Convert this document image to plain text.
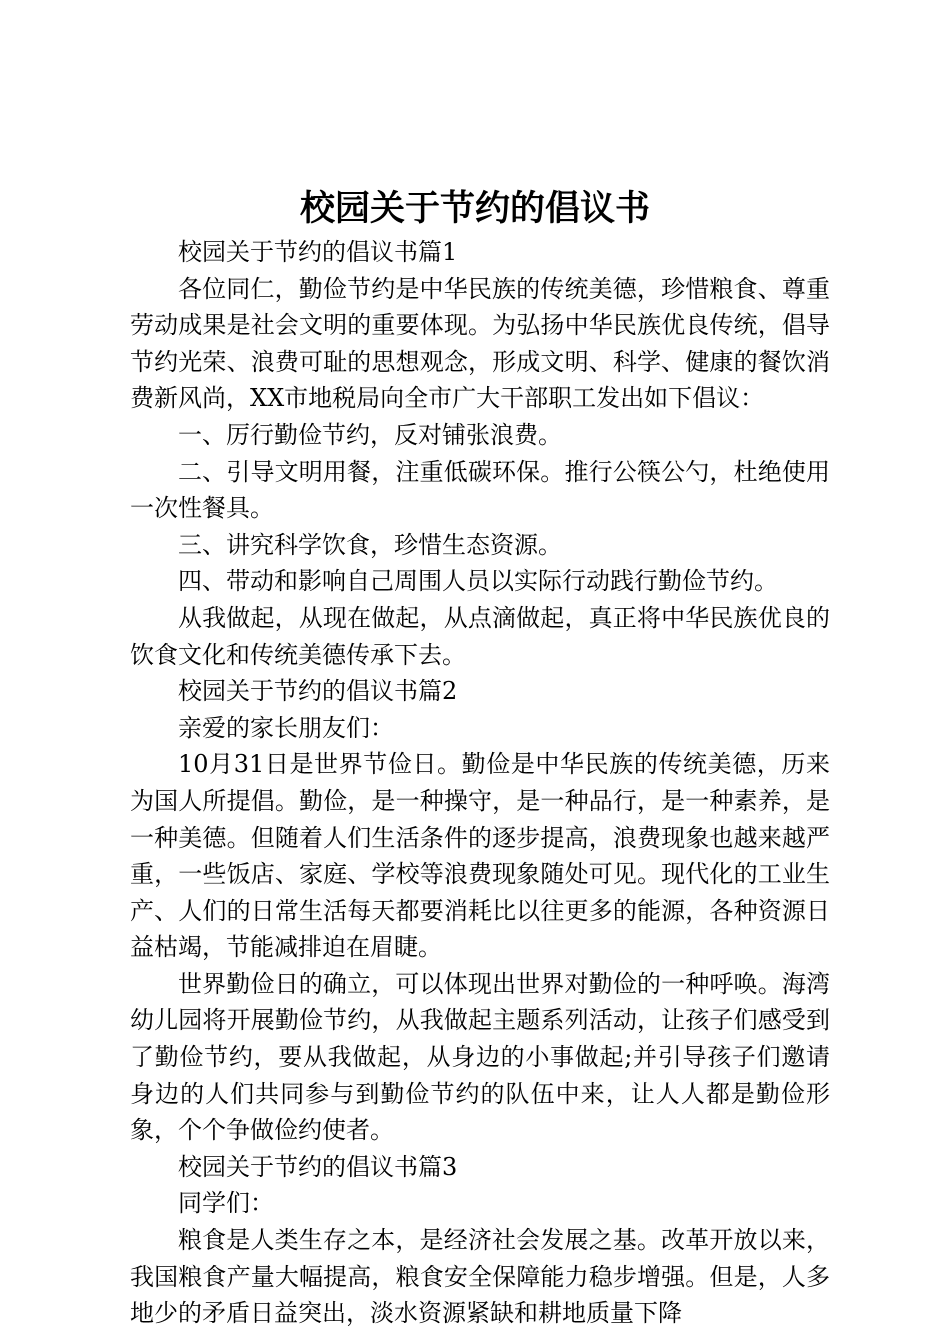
校园关于节约的倡议书

校园关于节约的倡议书篇1

各位同仁，勤俭节约是中华民族的传统美德，珍惜粮食、尊重劳动成果是社会文明的重要体现。为弘扬中华民族优良传统，倡导节约光荣、浪费可耻的思想观念，形成文明、科学、健康的餐饮消费新风尚，XX市地税局向全市广大干部职工发出如下倡议：

一、厉行勤俭节约，反对铺张浪费。

二、引导文明用餐，注重低碳环保。推行公筷公勺，杜绝使用一次性餐具。

三、讲究科学饮食，珍惜生态资源。

四、带动和影响自己周围人员以实际行动践行勤俭节约。

从我做起，从现在做起，从点滴做起，真正将中华民族优良的饮食文化和传统美德传承下去。

校园关于节约的倡议书篇2

亲爱的家长朋友们：

10月31日是世界节俭日。勤俭是中华民族的传统美德，历来为国人所提倡。勤俭，是一种操守，是一种品行，是一种素养，是一种美德。但随着人们生活条件的逐步提高，浪费现象也越来越严重，一些饭店、家庭、学校等浪费现象随处可见。现代化的工业生产、人们的日常生活每天都要消耗比以往更多的能源，各种资源日益枯竭，节能减排迫在眉睫。

世界勤俭日的确立，可以体现出世界对勤俭的一种呼唤。海湾幼儿园将开展勤俭节约，从我做起主题系列活动，让孩子们感受到了勤俭节约，要从我做起，从身边的小事做起;并引导孩子们邀请身边的人们共同参与到勤俭节约的队伍中来，让人人都是勤俭形象，个个争做俭约使者。

校园关于节约的倡议书篇3

同学们：

粮食是人类生存之本，是经济社会发展之基。改革开放以来，我国粮食产量大幅提高，粮食安全保障能力稳步增强。但是，人多地少的矛盾日益突出，淡水资源紧缺和耕地质量下降
